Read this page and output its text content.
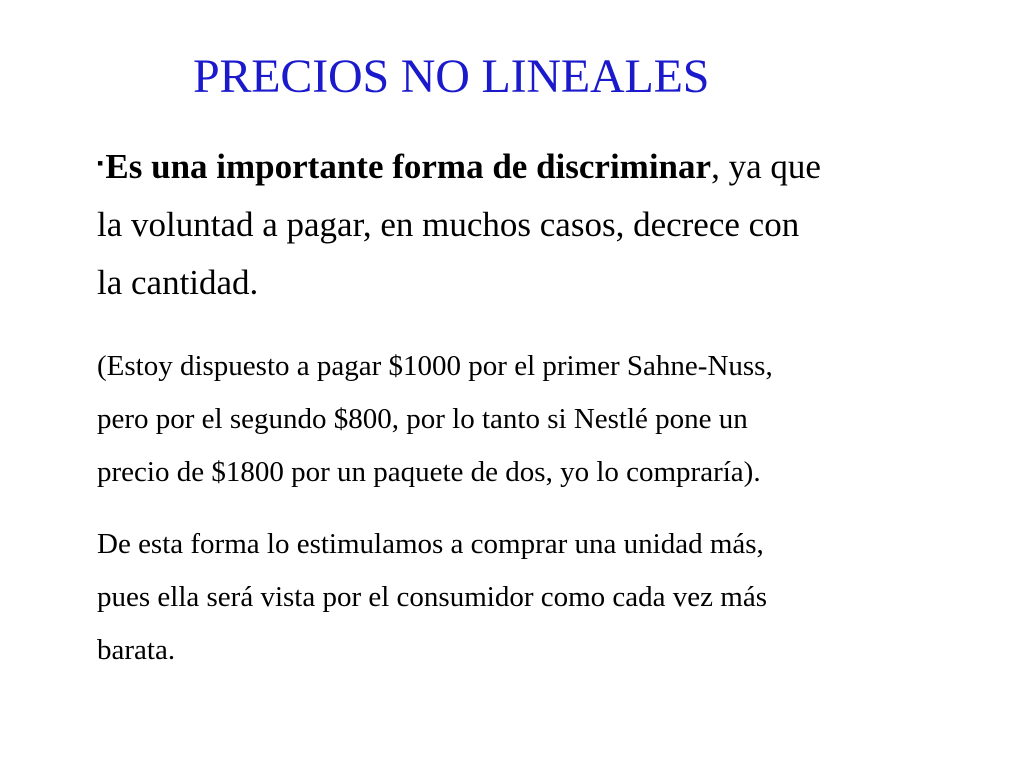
PRECIOS NO LINEALES

▪Es una importante forma de discriminar, ya que
la voluntad a pagar, en muchos casos, decrece con
la cantidad.

(Estoy dispuesto a pagar $1000 por el primer Sahne-Nuss,
pero por el segundo $800, por lo tanto si Nestlé pone un
precio de $1800 por un paquete de dos, yo lo compraría).

De esta forma lo estimulamos a comprar una unidad más,
pues ella será vista por el consumidor como cada vez más
barata.
